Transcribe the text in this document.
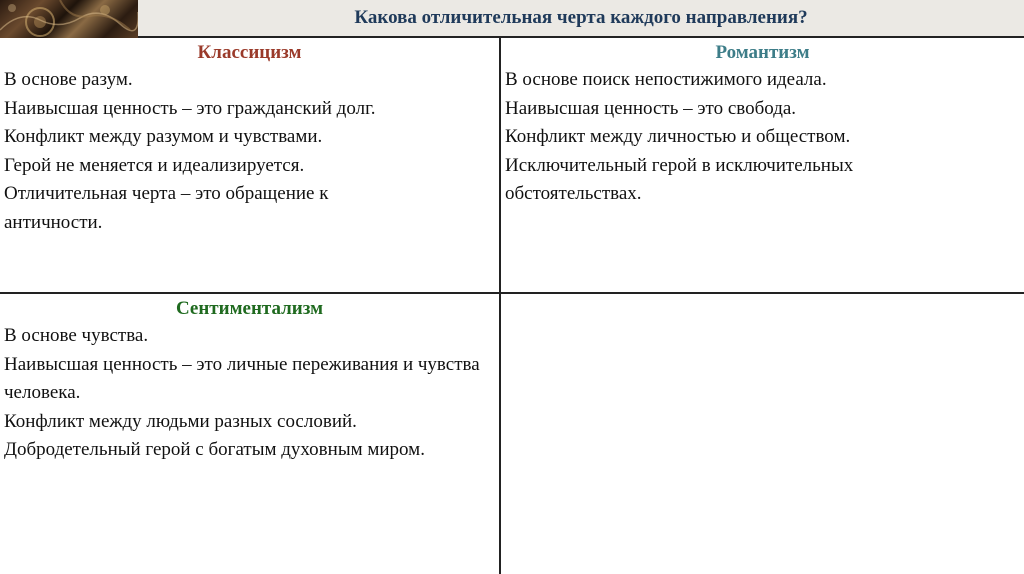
Какова отличительная черта каждого направления?
Классицизм

В основе разум.

Наивысшая ценность – это гражданский долг.

Конфликт между разумом и чувствами.

Герой не меняется и идеализируется.

Отличительная черта – это обращение к античности.

Романтизм

В основе поиск непостижимого идеала.

Наивысшая ценность – это свобода.

Конфликт между личностью и обществом.

Исключительный герой в исключительных обстоятельствах.

Сентиментализм

В основе чувства.

Наивысшая ценность – это личные переживания и чувства человека.

Конфликт между людьми разных сословий.

Добродетельный герой с богатым духовным миром.
